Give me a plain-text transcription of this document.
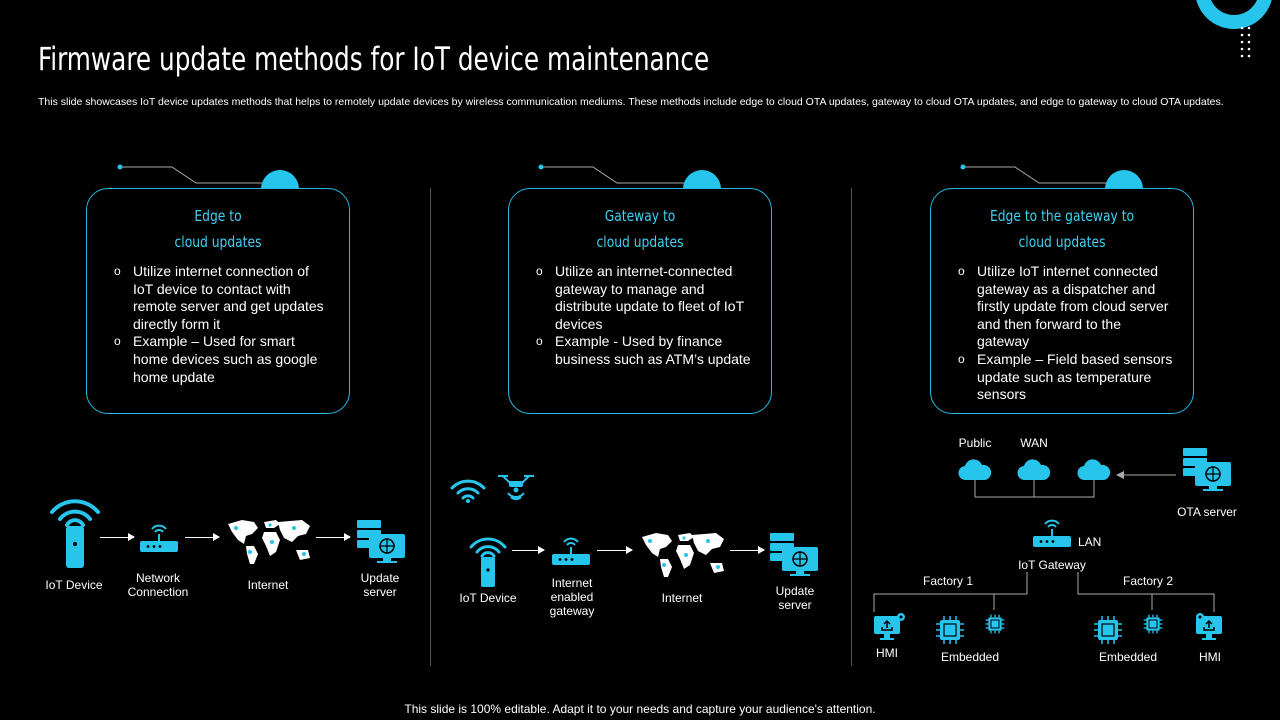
Firmware update methods for IoT device maintenance
This slide showcases IoT device updates methods that helps to remotely update devices by wireless communication mediums. These methods include edge to cloud OTA updates, gateway to cloud OTA updates, and edge to gateway to cloud OTA updates.
Edge to
cloud updates
o Utilize internet connection of IoT device to contact with remote server and get updates directly form it
o Example – Used for smart home devices such as google home update
Gateway to
cloud updates
o Utilize an internet-connected gateway to manage and distribute update to fleet of IoT devices
o Example - Used by finance business such as ATM’s update
Edge to the gateway to
cloud updates
o Utilize IoT internet connected gateway as a dispatcher and firstly update from cloud server and then forward to the gateway
o Example – Field based sensors update such as temperature sensors
IoT Device	Network
Connection	Internet	Update
server	IoT Device
Internet
enabled
gateway
Internet	Update
server
Public	WAN
OTA server
LAN
IoT Gateway
Factory 1	Factory 2
HMI	Embedded	Embedded	HMI
This slide is 100% editable. Adapt it to your needs and capture your audience's attention.
